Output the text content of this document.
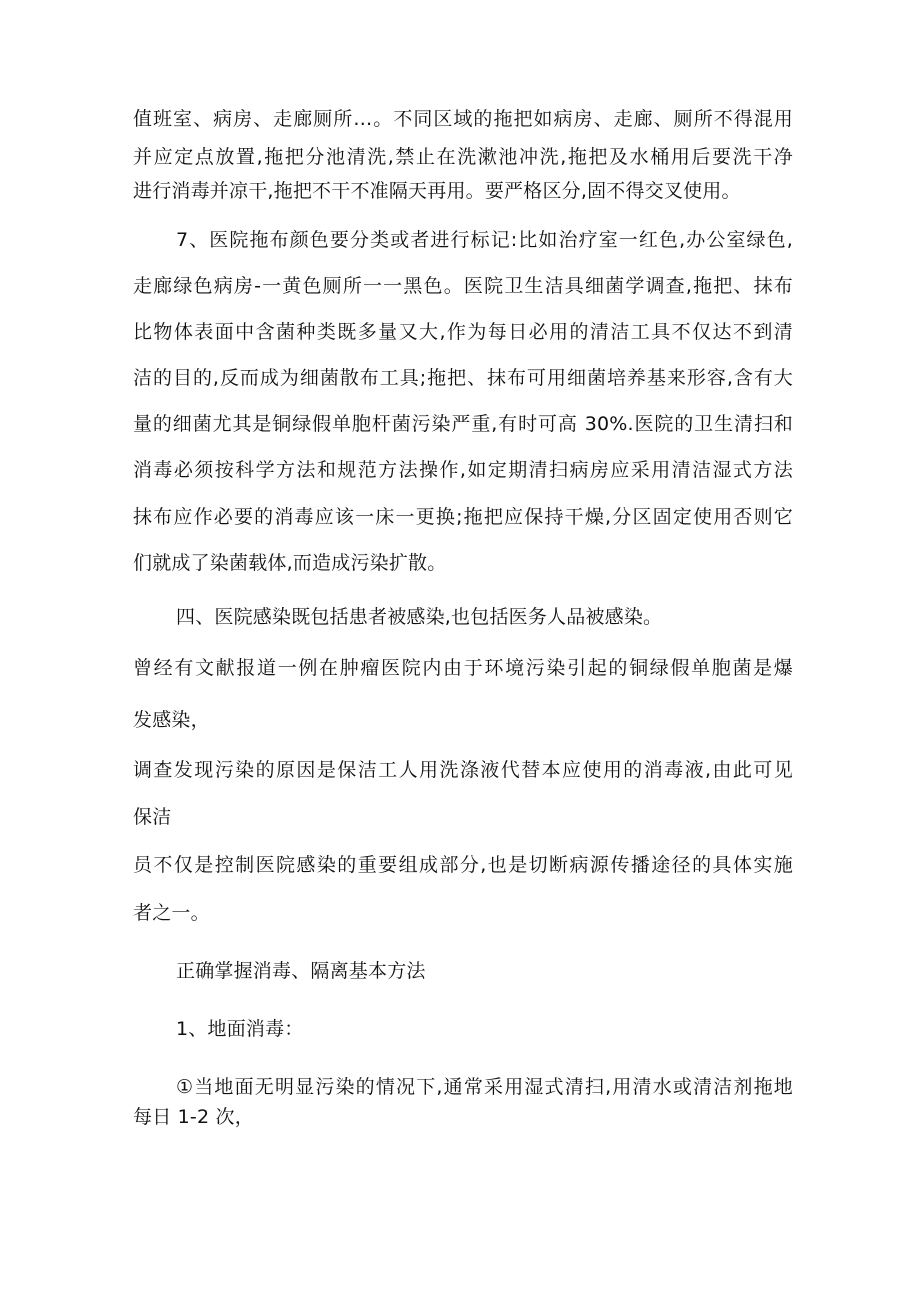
值班室、病房、走廊厕所…。不同区域的拖把如病房、走廊、厕所不得混用
并应定点放置,拖把分池清洗,禁止在洗漱池冲洗,拖把及水桶用后要洗干净
进行消毒并凉干,拖把不干不准隔天再用。要严格区分,固不得交叉使用。
7、医院拖布颜色要分类或者进行标记:比如治疗室一红色,办公室绿色,
走廊绿色病房-一黄色厕所一一黑色。医院卫生洁具细菌学调查,拖把、抹布
比物体表面中含菌种类既多量又大,作为每日必用的清洁工具不仅达不到清
洁的目的,反而成为细菌散布工具;拖把、抹布可用细菌培养基来形容,含有大
量的细菌尤其是铜绿假单胞杆菌污染严重,有时可高 30%.医院的卫生清扫和
消毒必须按科学方法和规范方法操作,如定期清扫病房应采用清洁湿式方法
抹布应作必要的消毒应该一床一更换;拖把应保持干燥,分区固定使用否则它
们就成了染菌载体,而造成污染扩散。
四、医院感染既包括患者被感染,也包括医务人品被感染。
曾经有文献报道一例在肿瘤医院内由于环境污染引起的铜绿假单胞菌是爆
发感染，
调查发现污染的原因是保洁工人用洗涤液代替本应使用的消毒液,由此可见
保洁
员不仅是控制医院感染的重要组成部分,也是切断病源传播途径的具体实施
者之一。
正确掌握消毒、隔离基本方法
1、地面消毒：
①当地面无明显污染的情况下,通常采用湿式清扫,用清水或清洁剂拖地
每日 1-2 次，
